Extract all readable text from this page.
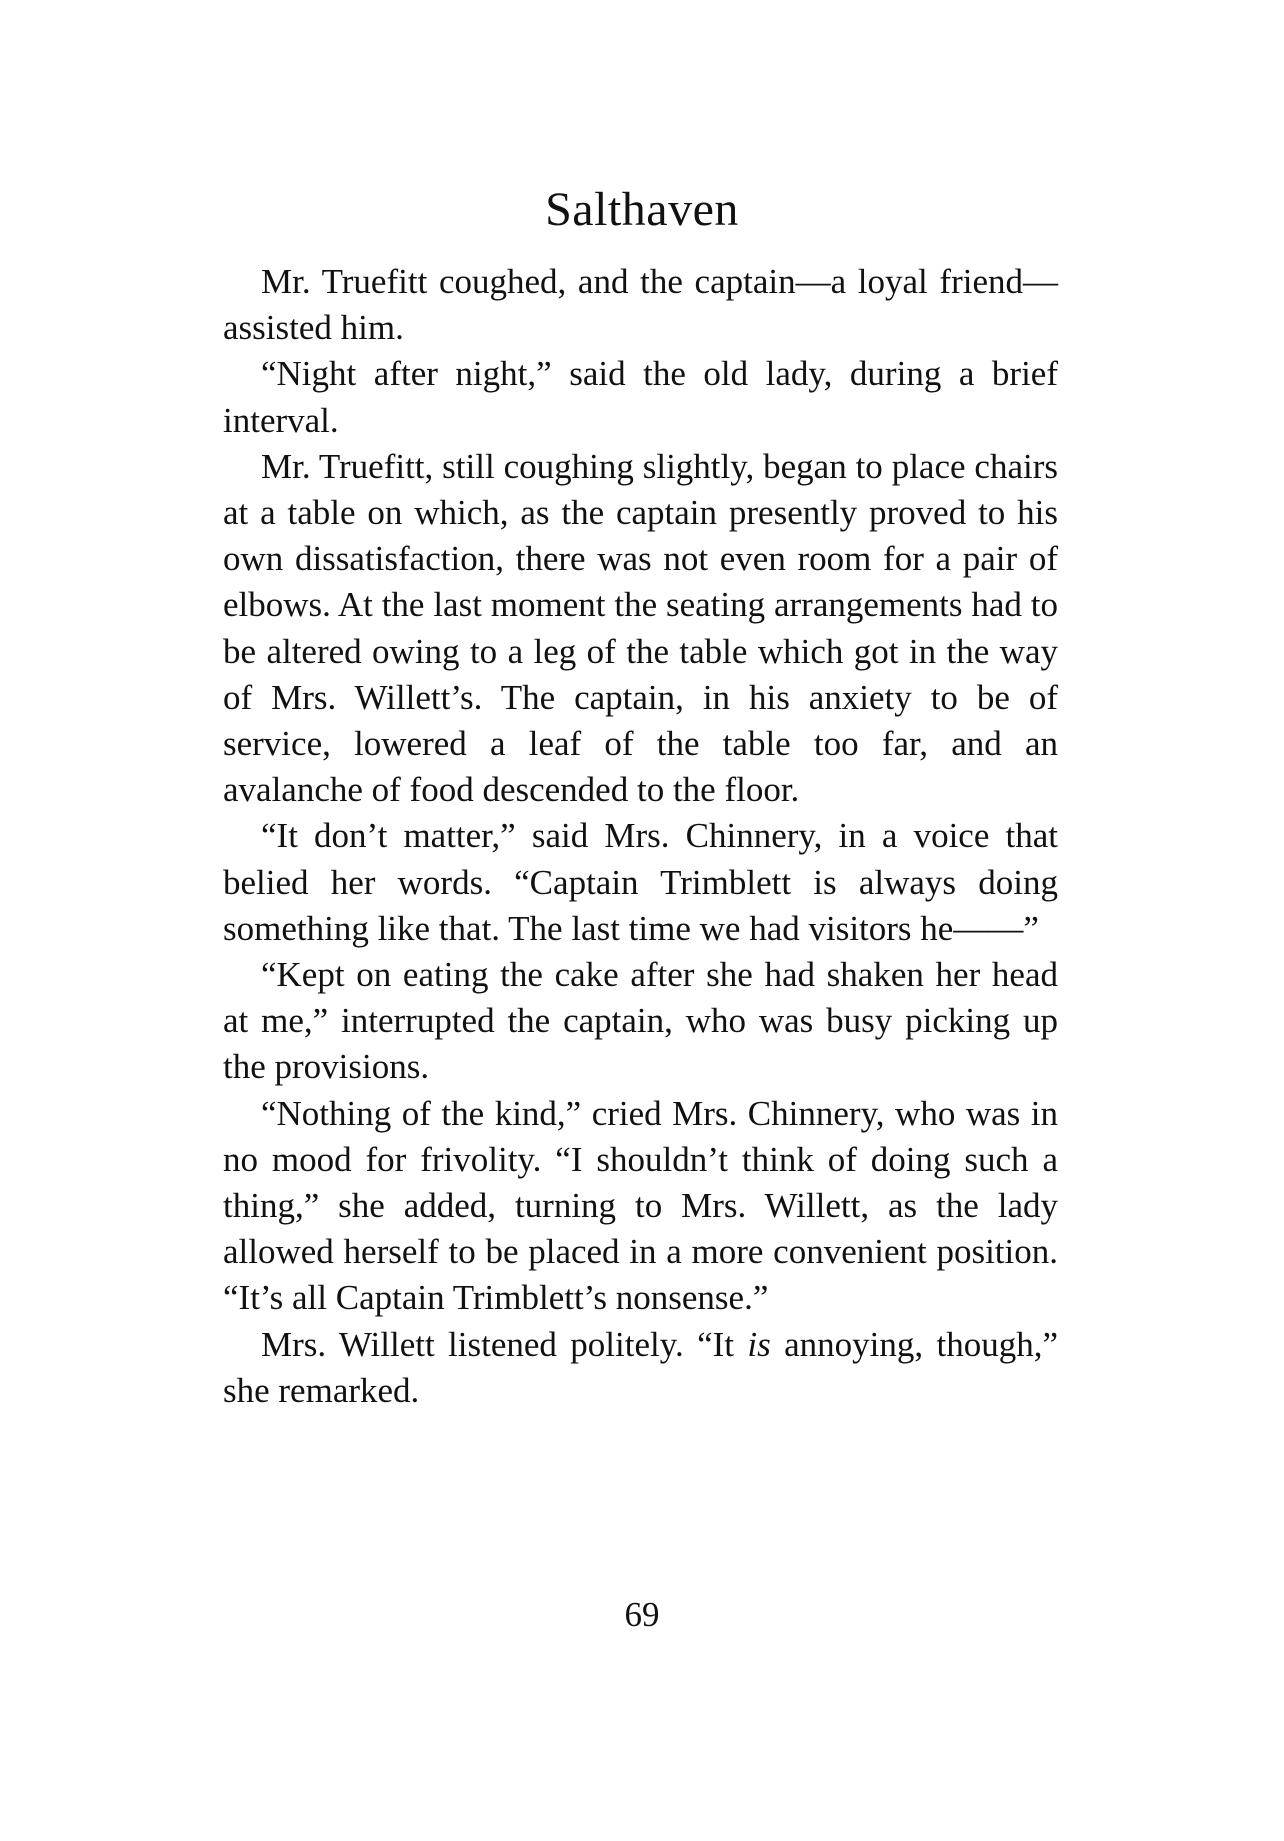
Salthaven

Mr. Truefitt coughed, and the captain—a loyal friend—assisted him.

“Night after night,” said the old lady, during a brief interval.

Mr. Truefitt, still coughing slightly, began to place chairs at a table on which, as the captain presently proved to his own dissatisfaction, there was not even room for a pair of elbows. At the last moment the seating arrangements had to be altered owing to a leg of the table which got in the way of Mrs. Willett’s. The captain, in his anxiety to be of service, lowered a leaf of the table too far, and an avalanche of food descended to the floor.

“It don’t matter,” said Mrs. Chinnery, in a voice that belied her words. “Captain Trimblett is always doing something like that. The last time we had visitors he——”

“Kept on eating the cake after she had shaken her head at me,” interrupted the captain, who was busy picking up the provisions.

“Nothing of the kind,” cried Mrs. Chinnery, who was in no mood for frivolity. “I shouldn’t think of doing such a thing,” she added, turning to Mrs. Willett, as the lady allowed herself to be placed in a more convenient position. “It’s all Captain Trimblett’s nonsense.”

Mrs. Willett listened politely. “It is annoying, though,” she remarked.

69
